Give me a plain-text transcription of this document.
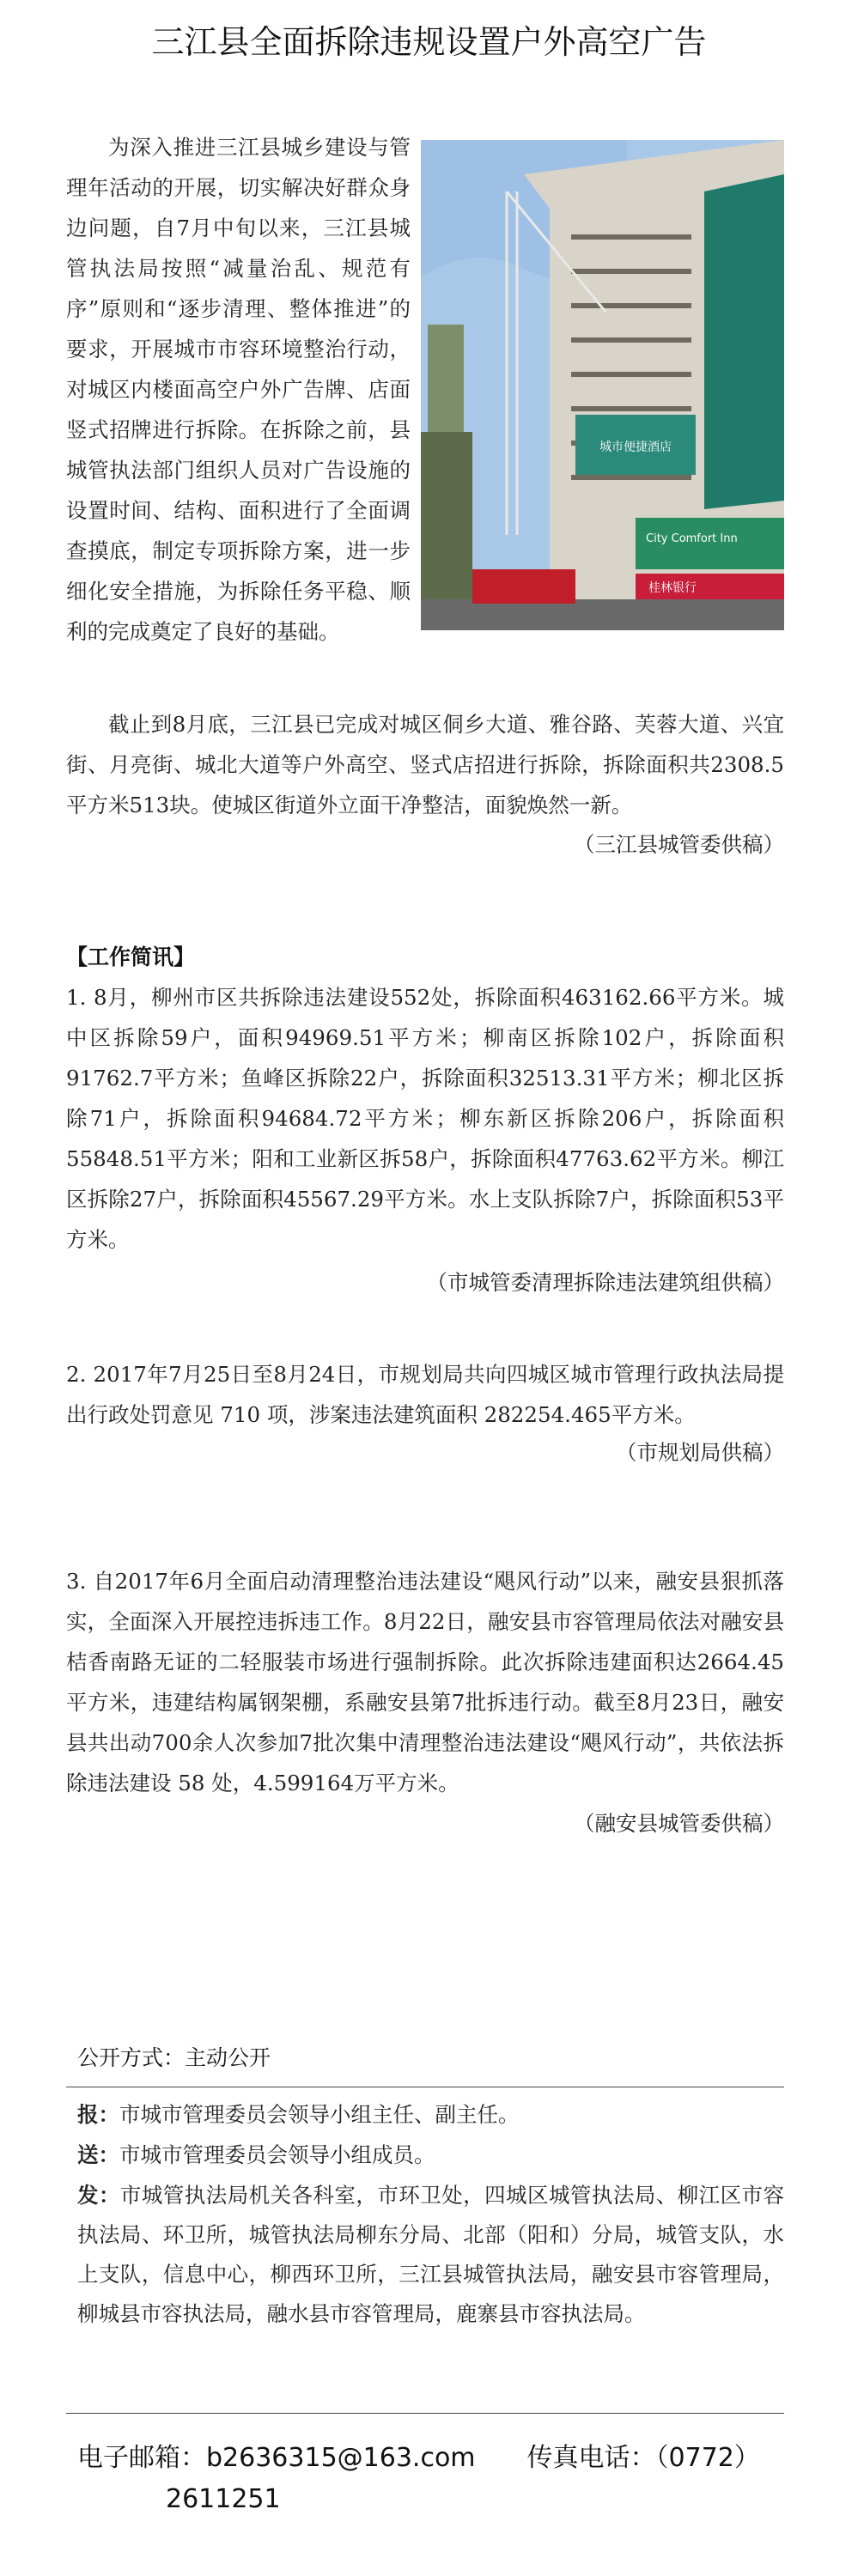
三江县全面拆除违规设置户外高空广告

为深入推进三江县城乡建设与管理年活动的开展，切实解决好群众身边问题，自7月中旬以来，三江县城管执法局按照“减量治乱、规范有序”原则和“逐步清理、整体推进”的要求，开展城市市容环境整治行动，对城区内楼面高空户外广告牌、店面竖式招牌进行拆除。在拆除之前，县城管执法部门组织人员对广告设施的设置时间、结构、面积进行了全面调查摸底，制定专项拆除方案，进一步细化安全措施，为拆除任务平稳、顺利的完成奠定了良好的基础。

城市便捷酒店
City Comfort Inn
桂林银行

截止到8月底，三江县已完成对城区侗乡大道、雅谷路、芙蓉大道、兴宜街、月亮街、城北大道等户外高空、竖式店招进行拆除，拆除面积共2308.5平方米513块。使城区街道外立面干净整洁，面貌焕然一新。

（三江县城管委供稿）
【工作简讯】

1. 8月，柳州市区共拆除违法建设552处，拆除面积463162.66平方米。城中区拆除59户，面积94969.51平方米；柳南区拆除102户，拆除面积91762.7平方米；鱼峰区拆除22户，拆除面积32513.31平方米；柳北区拆除71户，拆除面积94684.72平方米；柳东新区拆除206户，拆除面积55848.51平方米；阳和工业新区拆58户，拆除面积47763.62平方米。柳江区拆除27户，拆除面积45567.29平方米。水上支队拆除7户，拆除面积53平方米。

（市城管委清理拆除违法建筑组供稿）

2. 2017年7月25日至8月24日，市规划局共向四城区城市管理行政执法局提出行政处罚意见 710 项，涉案违法建筑面积 282254.465平方米。

（市规划局供稿）

3. 自2017年6月全面启动清理整治违法建设“飓风行动”以来，融安县狠抓落实，全面深入开展控违拆违工作。8月22日，融安县市容管理局依法对融安县桔香南路无证的二轻服装市场进行强制拆除。此次拆除违建面积达2664.45平方米，违建结构属钢架棚，系融安县第7批拆违行动。截至8月23日，融安县共出动700余人次参加7批次集中清理整治违法建设“飓风行动”，共依法拆除违法建设 58 处，4.599164万平方米。

（融安县城管委供稿）
公开方式：主动公开
报：市城市管理委员会领导小组主任、副主任。
送：市城市管理委员会领导小组成员。
发：市城管执法局机关各科室，市环卫处，四城区城管执法局、柳江区市容执法局、环卫所，城管执法局柳东分局、北部（阳和）分局，城管支队，水上支队，信息中心，柳西环卫所，三江县城管执法局，融安县市容管理局，柳城县市容执法局，融水县市容管理局，鹿寨县市容执法局。
电子邮箱：b2636315@163.com　　传真电话：（0772）
2611251
